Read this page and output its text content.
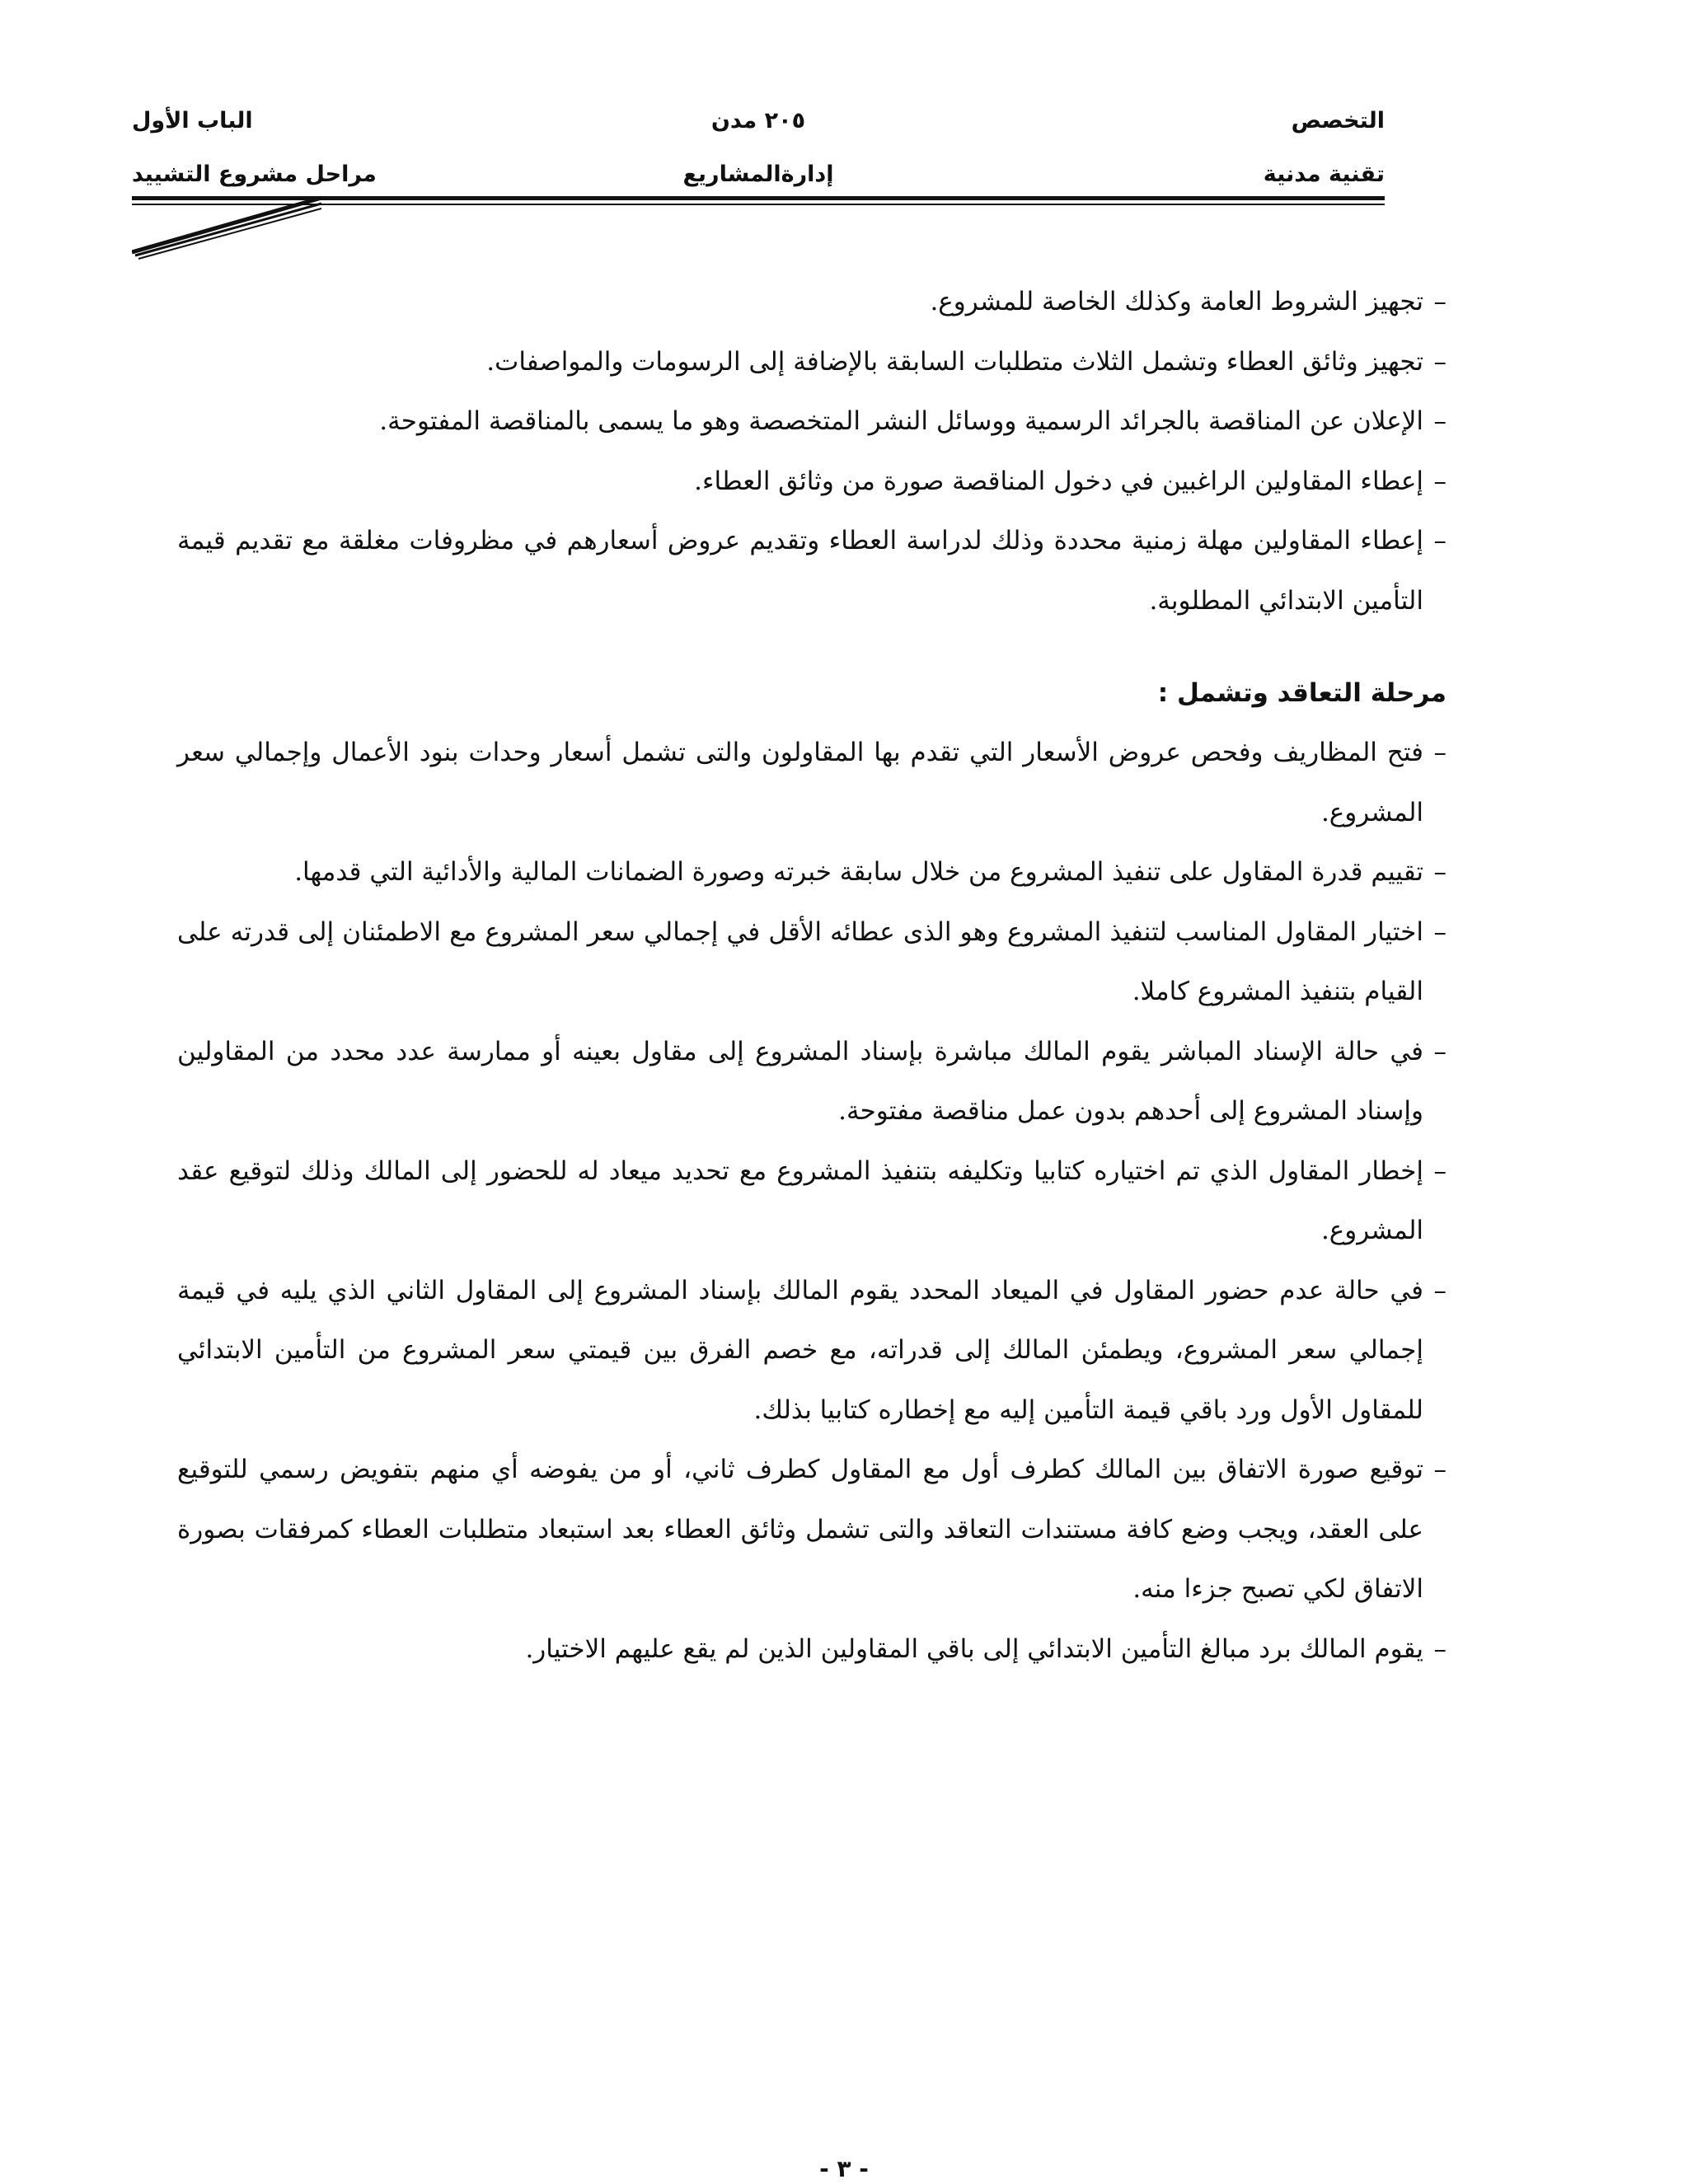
التخصص
تقنية مدنية
٢٠٥ مدن
إدارةالمشاريع
الباب الأول
مراحل مشروع التشييد

–
تجهيز الشروط العامة وكذلك الخاصة للمشروع.

–
تجهيز وثائق العطاء وتشمل الثلاث متطلبات السابقة بالإضافة إلى الرسومات والمواصفات.

–
الإعلان عن المناقصة بالجرائد الرسمية ووسائل النشر المتخصصة وهو ما يسمى بالمناقصة المفتوحة.

–
إعطاء المقاولين الراغبين في دخول المناقصة صورة من وثائق العطاء.

–
إعطاء المقاولين مهلة زمنية محددة وذلك لدراسة العطاء وتقديم عروض أسعارهم في مظروفات مغلقة مع تقديم قيمة التأمين الابتدائي المطلوبة.

مرحلة التعاقد وتشمل :

–
فتح المظاريف وفحص عروض الأسعار التي تقدم بها المقاولون والتى تشمل أسعار وحدات بنود الأعمال وإجمالي سعر المشروع.

–
تقييم قدرة المقاول على تنفيذ المشروع من خلال سابقة خبرته وصورة الضمانات المالية والأدائية التي قدمها.

–
اختيار المقاول المناسب لتنفيذ المشروع وهو الذى عطائه الأقل في إجمالي سعر المشروع مع الاطمئنان إلى قدرته على القيام بتنفيذ المشروع كاملا.

–
في حالة الإسناد المباشر يقوم المالك مباشرة بإسناد المشروع إلى مقاول بعينه أو ممارسة عدد محدد من المقاولين وإسناد المشروع إلى أحدهم بدون عمل مناقصة مفتوحة.

–
إخطار المقاول الذي تم اختياره كتابيا وتكليفه بتنفيذ المشروع مع تحديد ميعاد له للحضور إلى المالك وذلك لتوقيع عقد المشروع.

–
في حالة عدم حضور المقاول في الميعاد المحدد يقوم المالك بإسناد المشروع إلى المقاول الثاني الذي يليه في قيمة إجمالي سعر المشروع، ويطمئن المالك إلى قدراته، مع خصم الفرق بين قيمتي سعر المشروع من التأمين الابتدائي للمقاول الأول ورد باقي قيمة التأمين إليه مع إخطاره كتابيا بذلك.

–
توقيع صورة الاتفاق بين المالك كطرف أول مع المقاول كطرف ثاني، أو من يفوضه أي منهم بتفويض رسمي للتوقيع على العقد، ويجب وضع كافة مستندات التعاقد والتى تشمل وثائق العطاء بعد استبعاد متطلبات العطاء كمرفقات بصورة الاتفاق لكي تصبح جزءا منه.

–
يقوم المالك برد مبالغ التأمين الابتدائي إلى باقي المقاولين الذين لم يقع عليهم الاختيار.

- ٣ -
